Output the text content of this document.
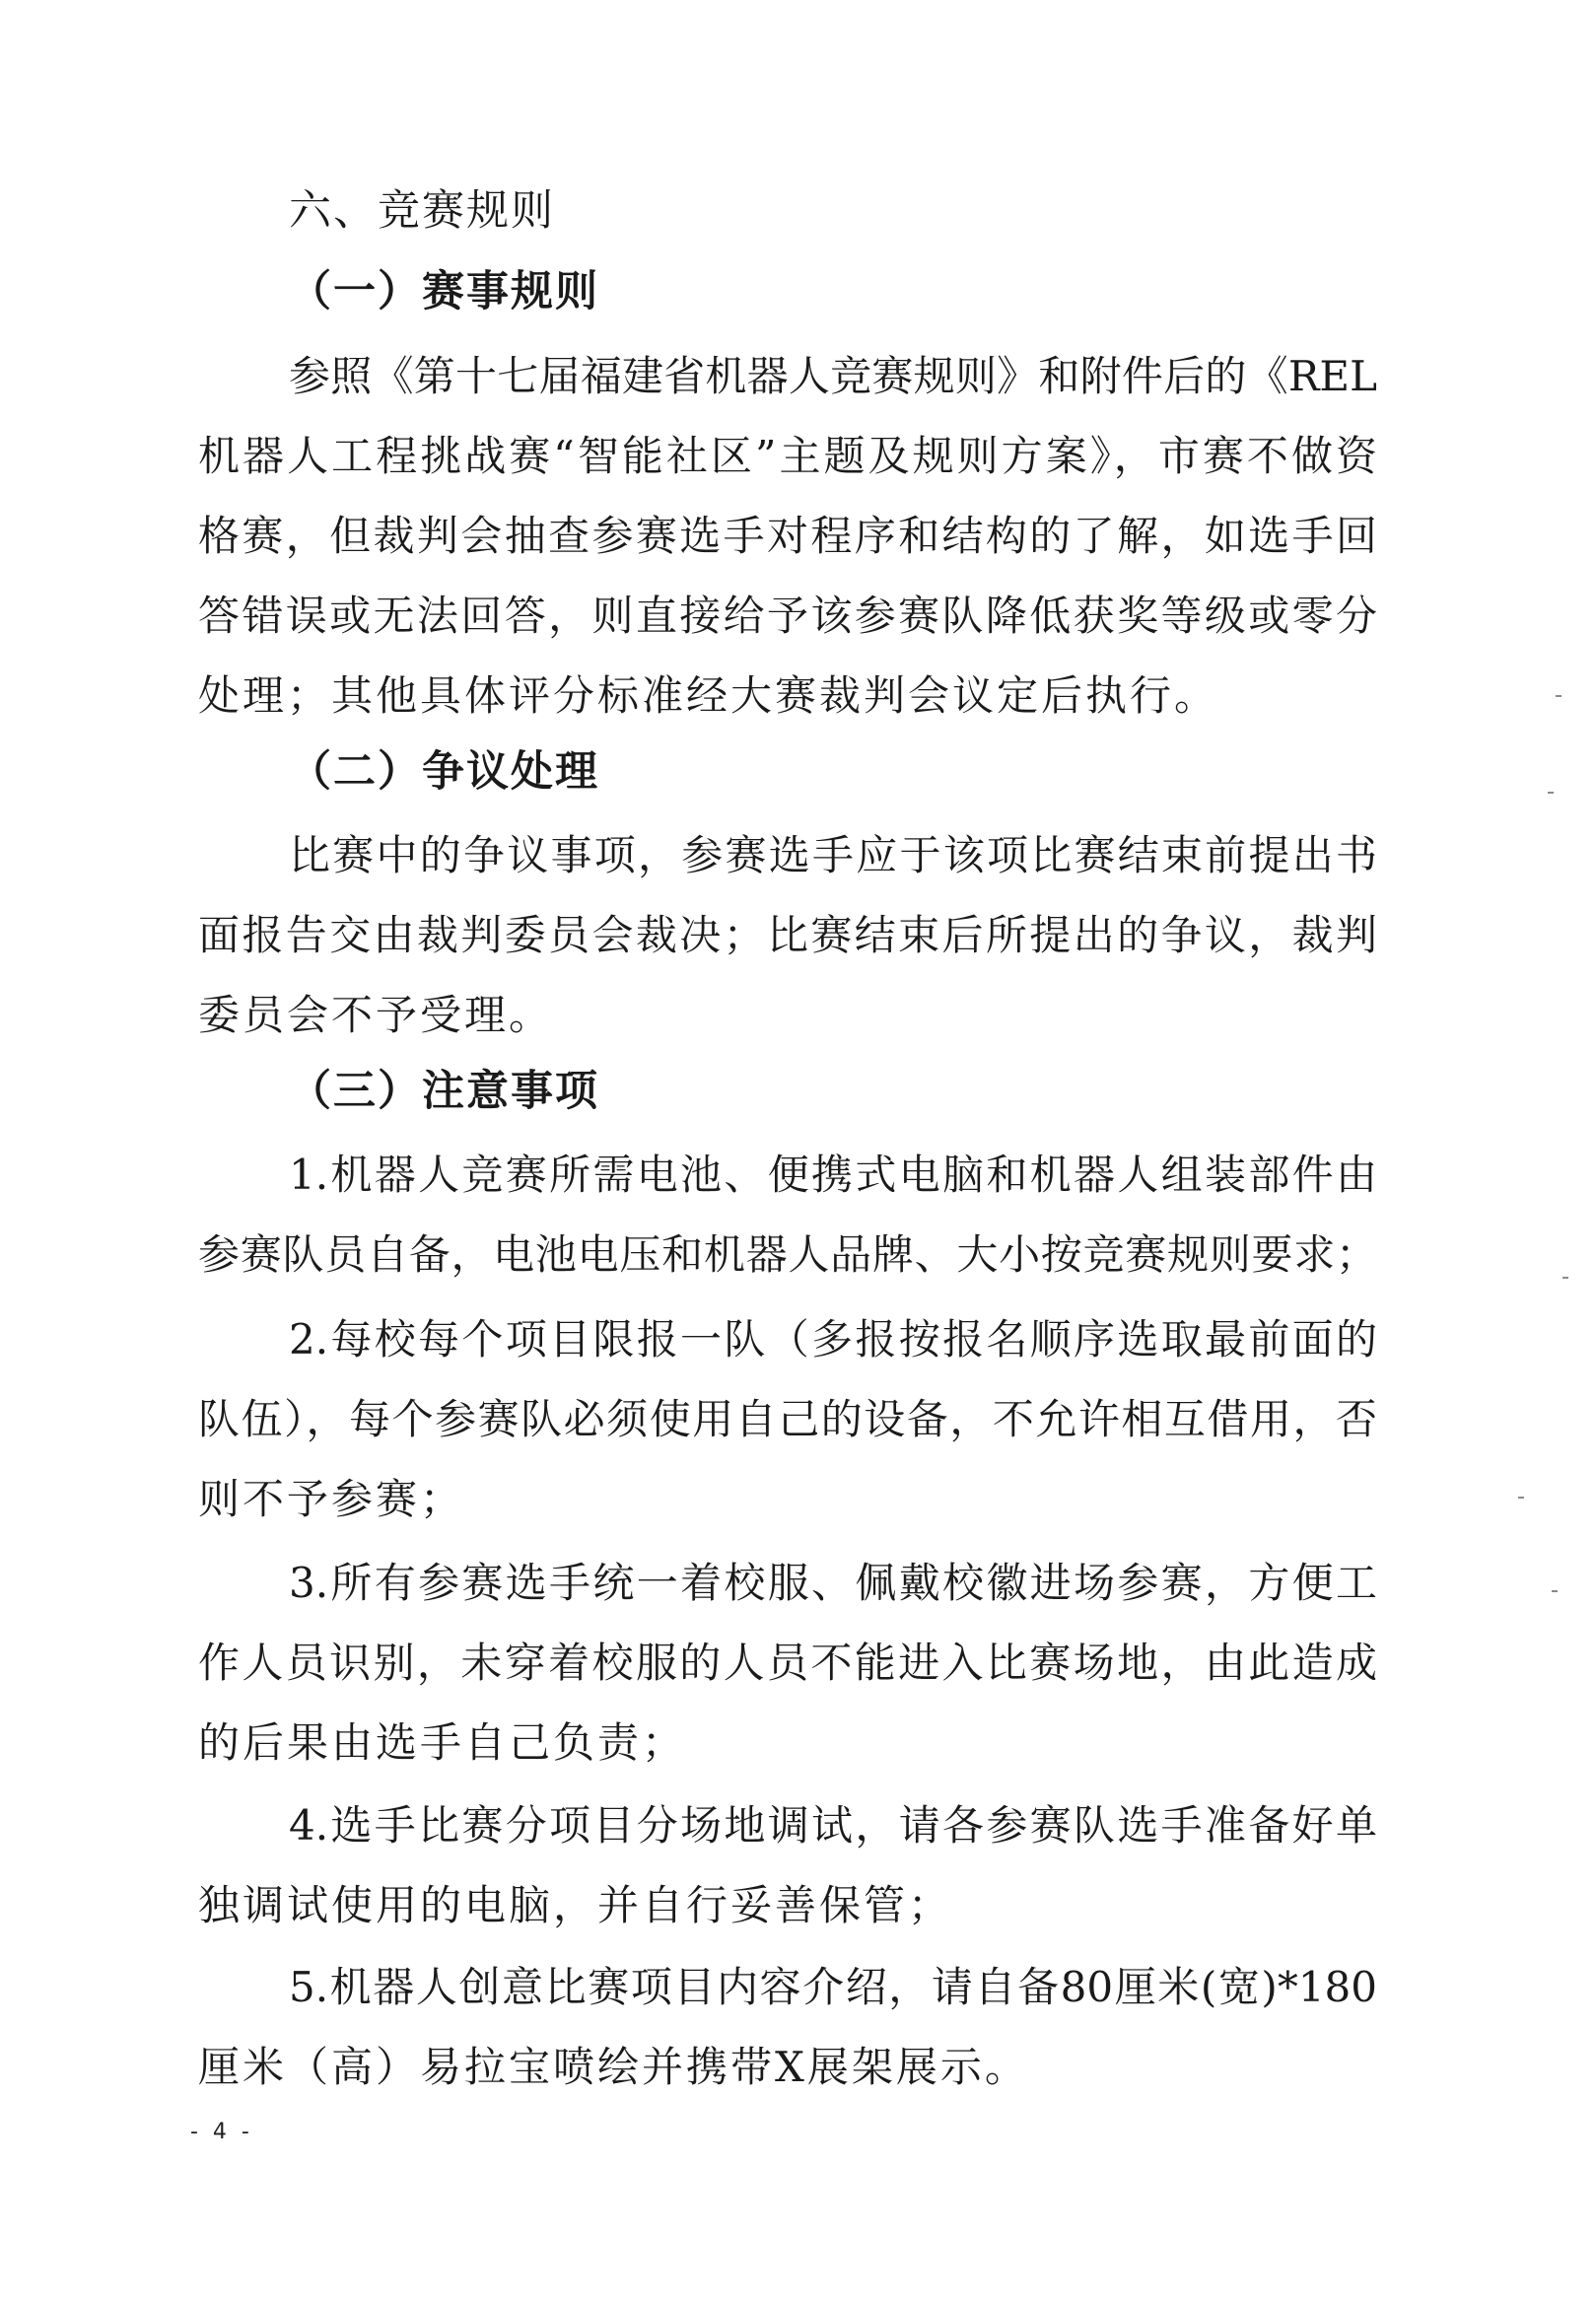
六、竞赛规则
（一）赛事规则
参照《第十七届福建省机器人竞赛规则》和附件后的《REL
机器人工程挑战赛“智能社区”主题及规则方案》，市赛不做资
格赛，但裁判会抽查参赛选手对程序和结构的了解，如选手回
答错误或无法回答，则直接给予该参赛队降低获奖等级或零分
处理；其他具体评分标准经大赛裁判会议定后执行。
（二）争议处理
比赛中的争议事项，参赛选手应于该项比赛结束前提出书
面报告交由裁判委员会裁决；比赛结束后所提出的争议，裁判
委员会不予受理。
（三）注意事项
1.机器人竞赛所需电池、便携式电脑和机器人组装部件由
参赛队员自备，电池电压和机器人品牌、大小按竞赛规则要求；
2.每校每个项目限报一队（多报按报名顺序选取最前面的
队伍），每个参赛队必须使用自己的设备，不允许相互借用，否
则不予参赛；
3.所有参赛选手统一着校服、佩戴校徽进场参赛，方便工
作人员识别，未穿着校服的人员不能进入比赛场地，由此造成
的后果由选手自己负责；
4.选手比赛分项目分场地调试，请各参赛队选手准备好单
独调试使用的电脑，并自行妥善保管；
5.机器人创意比赛项目内容介绍，请自备80厘米(宽)*180
厘米（高）易拉宝喷绘并携带X展架展示。
- 4 -
